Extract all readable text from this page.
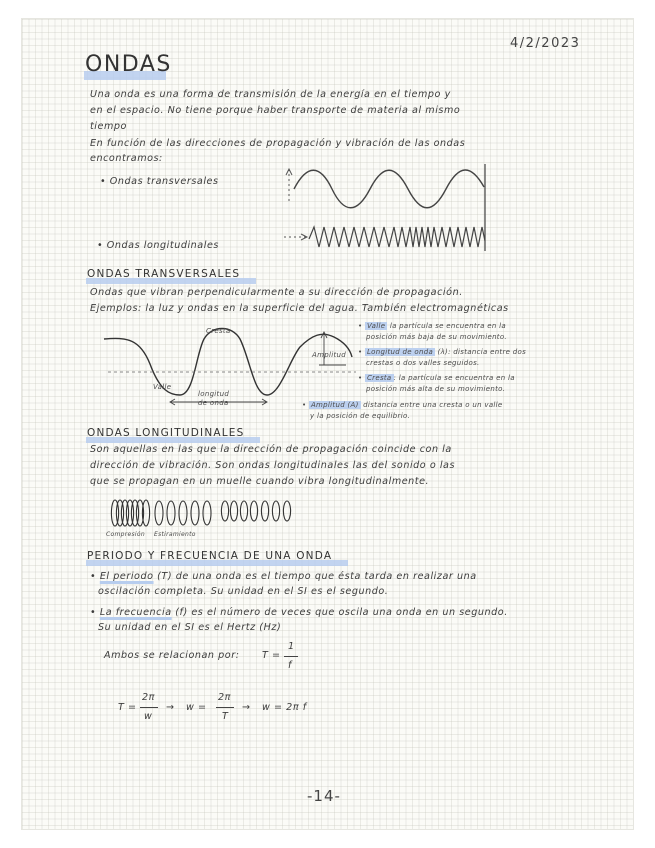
4/2/2023
ONDAS
Una onda es una forma de transmisión de la energía en el tiempo y
en el espacio. No tiene porque haber transporte de materia al mismo
tiempo
En función de las direcciones de propagación y vibración de las ondas
encontramos:
• Ondas transversales
• Ondas longitudinales
ONDAS TRANSVERSALES
Ondas que vibran perpendicularmente a su dirección de propagación.
Ejemplos: la luz y ondas en la superficie del agua. También electromagnéticas
Cresta
Valle
longitud
de onda
Amplitud
• Valle la partícula se encuentra en la
posición más baja de su movimiento.
• Longitud de onda (λ): distancia entre dos
crestas o dos valles seguidos.
• Cresta : la partícula se encuentra en la
posición más alta de su movimiento.
• Amplitud (A) distancia entre una cresta o un valle
y la posición de equilibrio.
ONDAS LONGITUDINALES
Son aquellas en las que la dirección de propagación coincide con la
dirección de vibración. Son ondas longitudinales las del sonido o las
que se propagan en un muelle cuando vibra longitudinalmente.
Compresión Estiramiento
PERIODO Y FRECUENCIA DE UNA ONDA
• El periodo (T) de una onda es el tiempo que ésta tarda en realizar una
oscilación completa. Su unidad en el SI es el segundo.
• La frecuencia (f) es el número de veces que oscila una onda en un segundo.
Su unidad en el SI es el Hertz (Hz)
Ambos se relacionan por: T =
1
f
T =
2π
w
→ w =
2π
T
→ w = 2π f
-14-
